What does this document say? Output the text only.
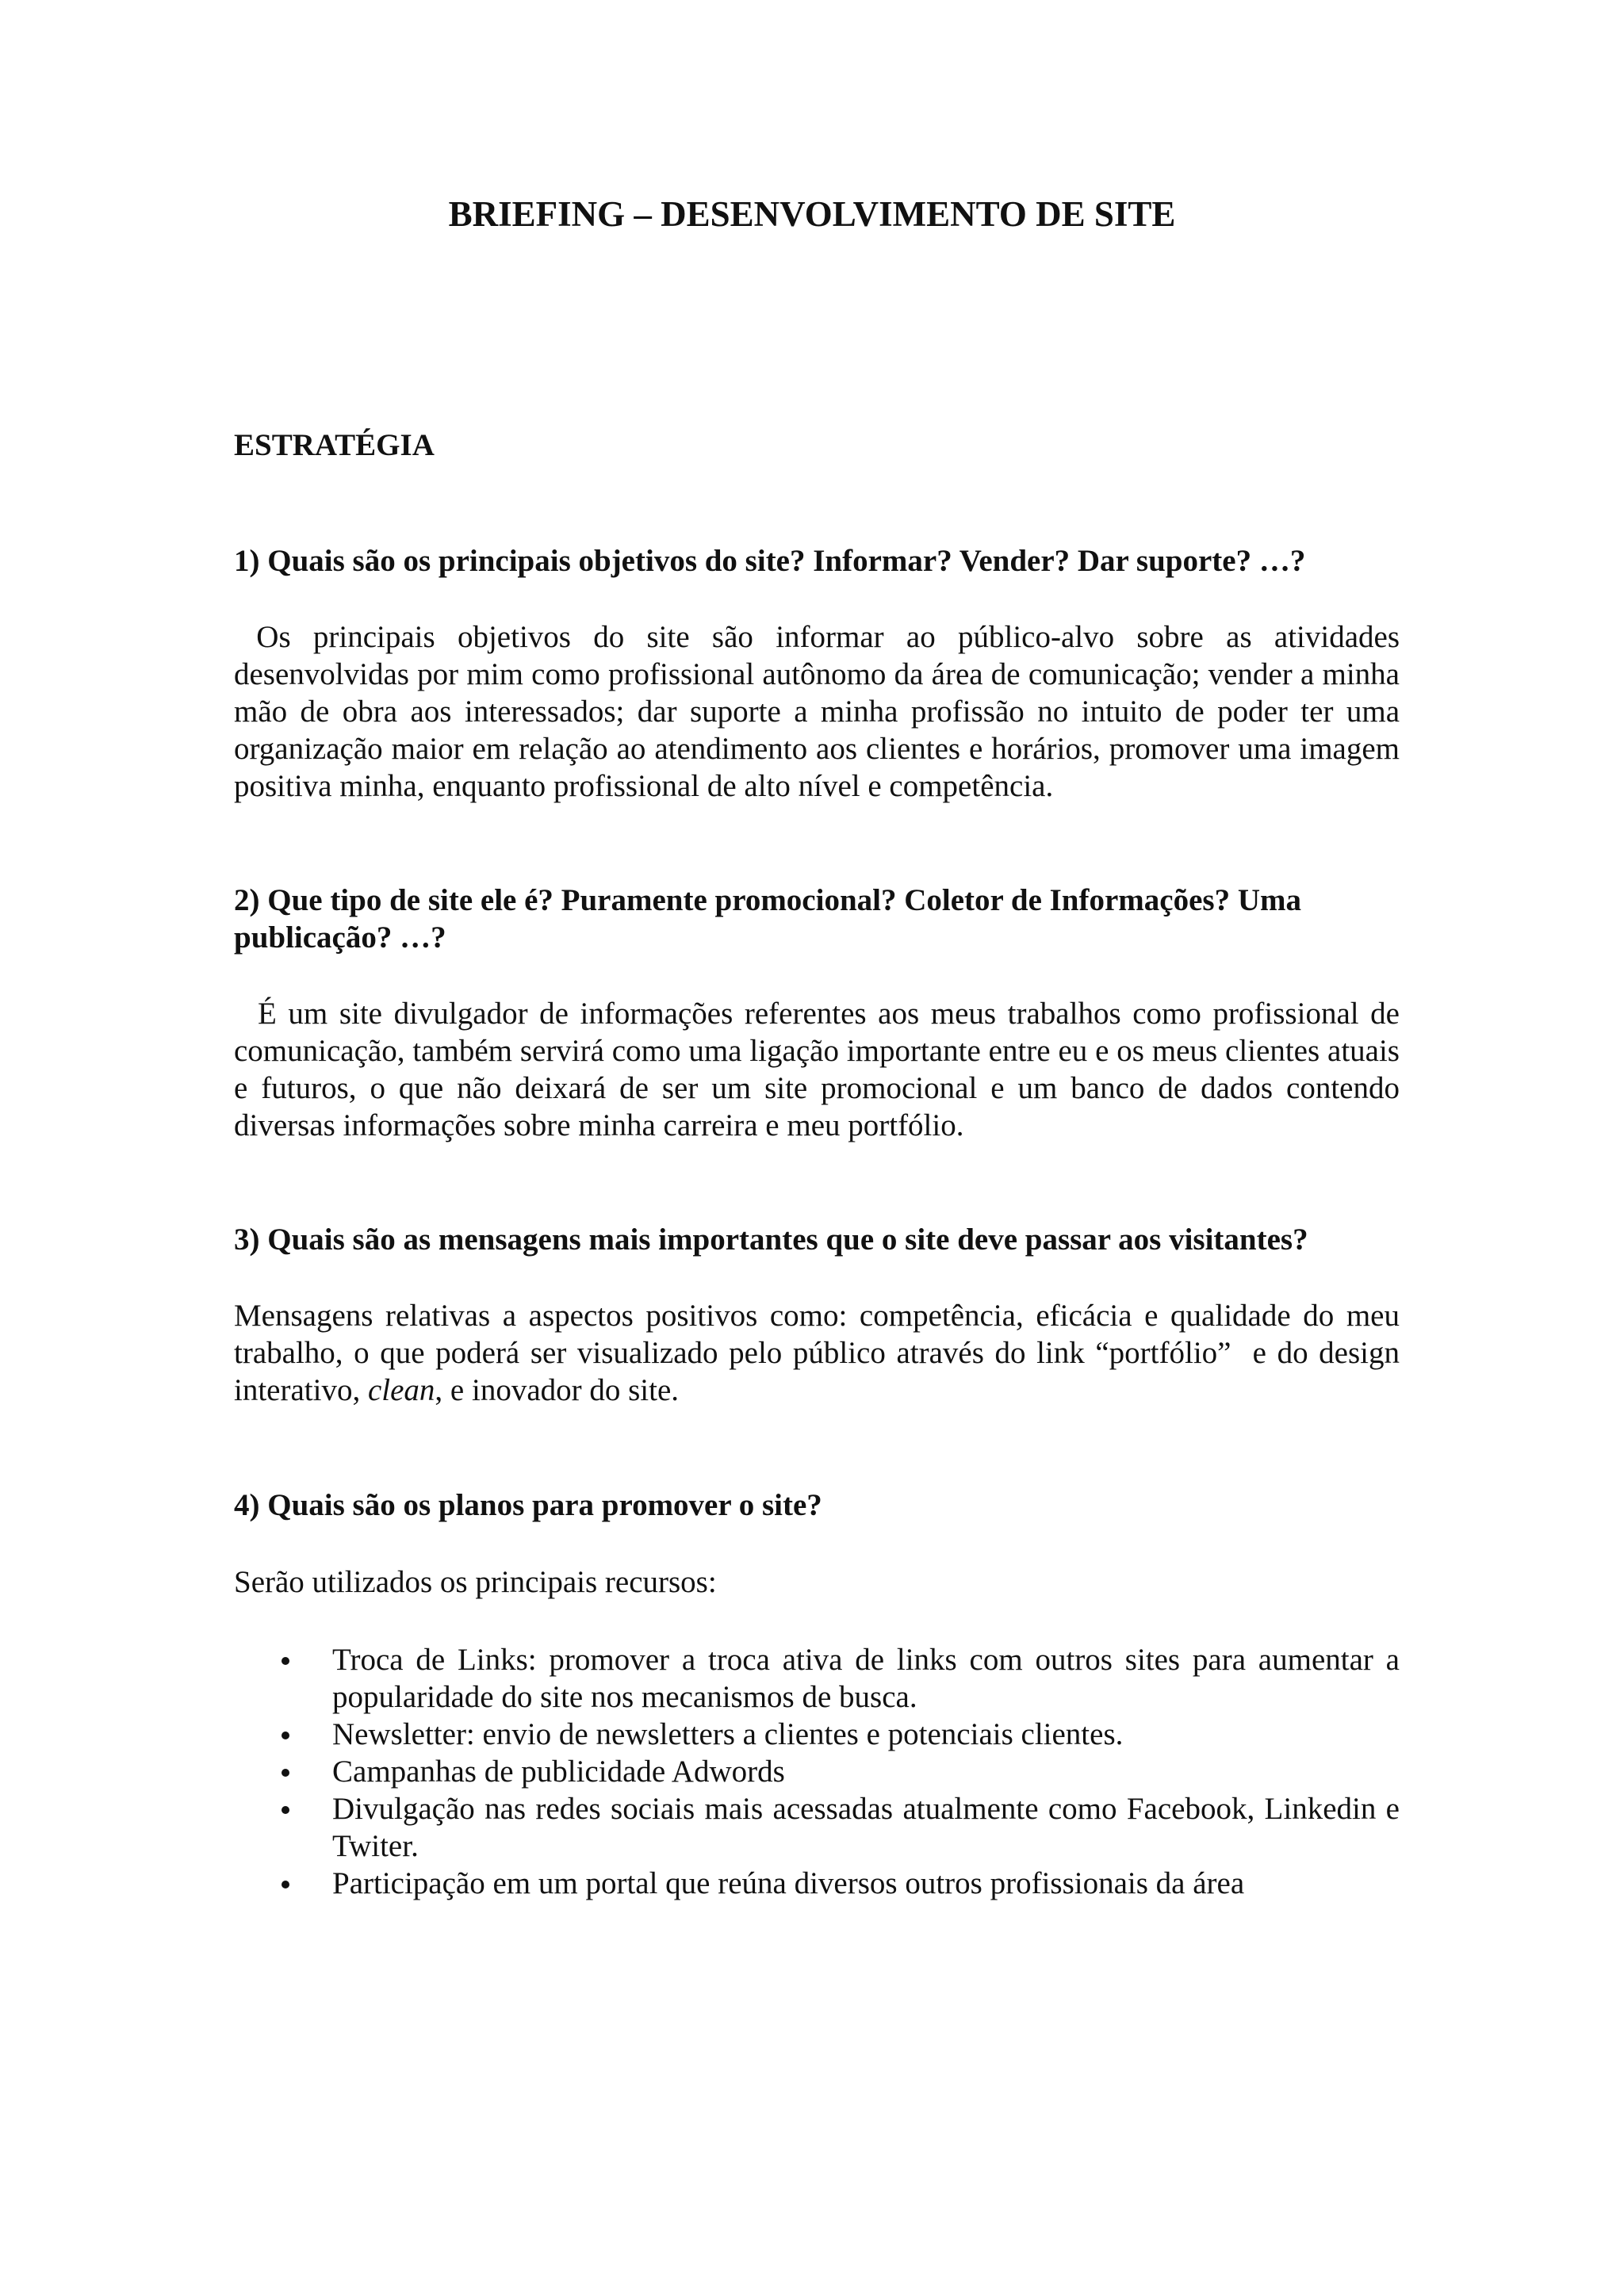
BRIEFING – DESENVOLVIMENTO DE SITE
ESTRATÉGIA

1) Quais são os principais objetivos do site? Informar? Vender? Dar suporte? …?

Os principais objetivos do site são informar ao público-alvo sobre as atividades desenvolvidas por mim como profissional autônomo da área de comunicação; vender a minha mão de obra aos interessados; dar suporte a minha profissão no intuito de poder ter uma organização maior em relação ao atendimento aos clientes e horários, promover uma imagem positiva minha, enquanto profissional de alto nível e competência.

2) Que tipo de site ele é? Puramente promocional? Coletor de Informações? Uma publicação? …?

É um site divulgador de informações referentes aos meus trabalhos como profissional de comunicação, também servirá como uma ligação importante entre eu e os meus clientes atuais e futuros, o que não deixará de ser um site promocional e um banco de dados contendo diversas informações sobre minha carreira e meu portfólio.

3) Quais são as mensagens mais importantes que o site deve passar aos visitantes?

Mensagens relativas a aspectos positivos como: competência, eficácia e qualidade do meu trabalho, o que poderá ser visualizado pelo público através do link “portfólio”  e do design interativo, clean, e inovador do site.

4) Quais são os planos para promover o site?

Serão utilizados os principais recursos:

Troca de Links: promover a troca ativa de links com outros sites para aumentar a popularidade do site nos mecanismos de busca.
Newsletter: envio de newsletters a clientes e potenciais clientes.
Campanhas de publicidade Adwords
Divulgação nas redes sociais mais acessadas atualmente como Facebook, Linkedin e Twiter.
Participação em um portal que reúna diversos outros profissionais da área
